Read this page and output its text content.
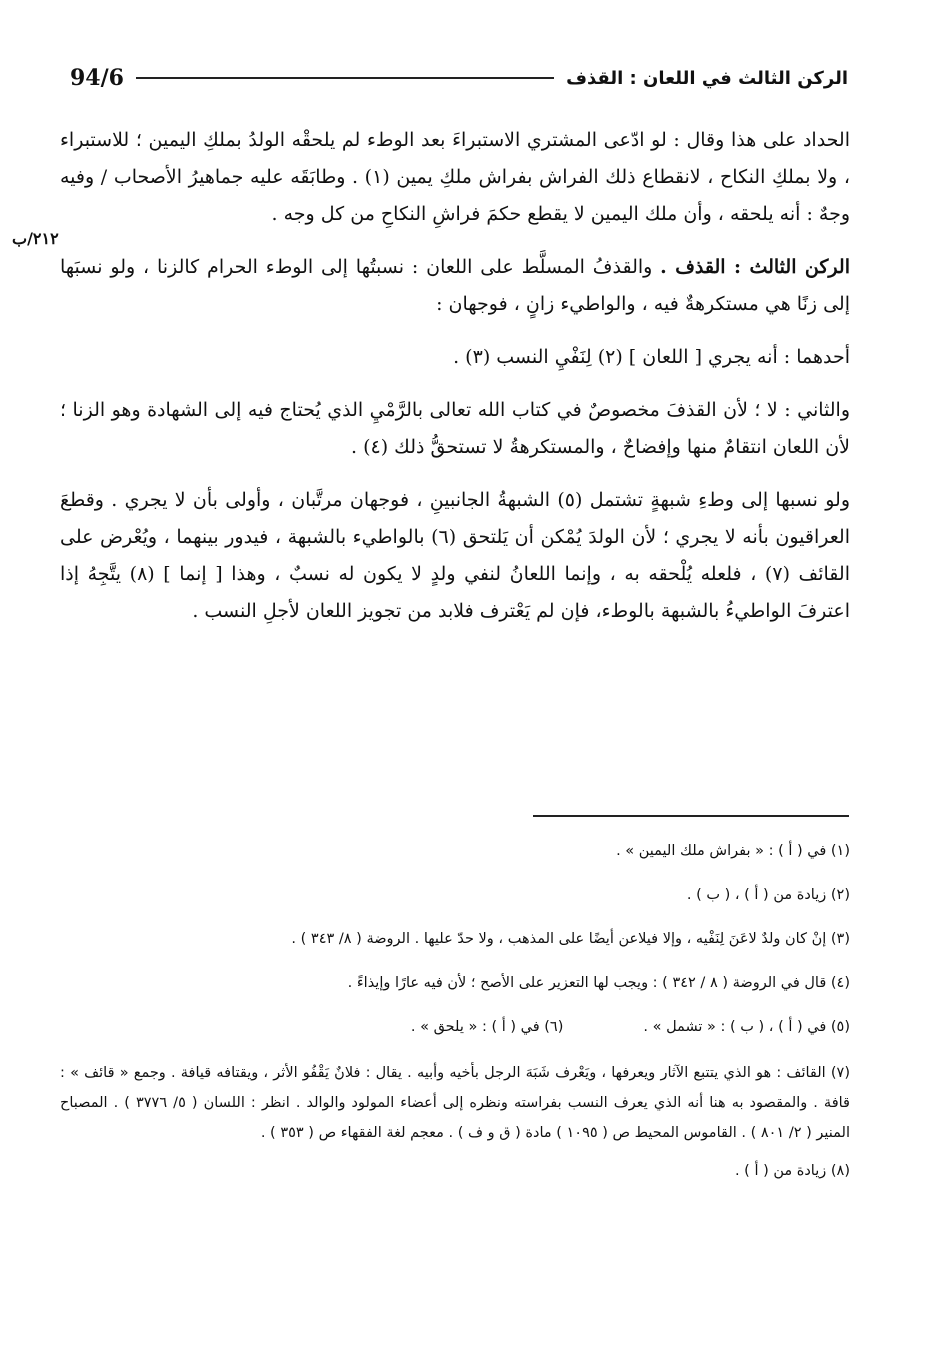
الركن الثالث في اللعان : القذف
94/6
٢١٢/ب

الحداد على هذا وقال : لو ادّعى المشتري الاستبراءَ بعد الوطء لم يلحقْه الولدُ بملكِ اليمين ؛ للاستبراء ، ولا بملكِ النكاح ، لانقطاع ذلك الفراش بفراش ملكِ يمين (١) . وطابَقَه عليه جماهيرُ الأصحاب / وفيه وجهٌ : أنه يلحقه ، وأن ملك اليمين لا يقطع حكمَ فراشِ النكاحِ من كل وجه .

الركن الثالث : القذف . والقذفُ المسلَّط على اللعان : نسبتُها إلى الوطء الحرام كالزنا ، ولو نسبَها إلى زنًا هي مستكرهةٌ فيه ، والواطيء زانٍ ، فوجهان :

أحدهما : أنه يجري [ اللعان ] (٢) لِنَفْيِ النسب (٣) .

والثاني : لا ؛ لأن القذفَ مخصوصٌ في كتاب الله تعالى بالرَّمْيِ الذي يُحتاج فيه إلى الشهادة وهو الزنا ؛ لأن اللعان انتقامٌ منها وإفضاحٌ ، والمستكرهةُ لا تستحقُّ ذلك (٤) .

ولو نسبها إلى وطءِ شبهةٍ تشتمل (٥) الشبهةُ الجانبينِ ، فوجهان مرتَّبان ، وأولى بأن لا يجري . وقطعَ العراقيون بأنه لا يجري ؛ لأن الولدَ يُمْكن أن يَلتحق (٦) بالواطيء بالشبهة ، فيدور بينهما ، ويُعْرض على القائف (٧) ، فلعله يُلْحقه به ، وإنما اللعانُ لنفي ولدٍ لا يكون له نسبٌ ، وهذا [ إنما ] (٨) يتَّجِهُ إذا اعترفَ الواطيءُ بالشبهة بالوطء، فإن لم يَعْترف فلابد من تجويز اللعان لأجلِ النسب .

(١) في ( أ ) : « بفراش ملك اليمين » .

(٢) زيادة من ( أ ) ، ( ب ) .

(٣) إنْ كان ولدٌ لاعَنَ لِنَفْيه ، وإلا فيلاعن أيضًا على المذهب ، ولا حدّ عليها . الروضة ( ٨/ ٣٤٣ ) .

(٤) قال في الروضة ( ٨ / ٣٤٢ ) : ويجب لها التعزير على الأصح ؛ لأن فيه عارًا وإيذاءً .

(٥) في ( أ ) ، ( ب ) : « تشمل » .
(٦) في ( أ ) : « يلحق » .

(٧) القائف : هو الذي يتتبع الآثار ويعرفها ، ويَعْرف شَبَهَ الرجل بأخيه وأبيه . يقال : فلانٌ يَقْفُو الأثر ، ويقتافه قيافة . وجمع « قائف » : قافة . والمقصود به هنا أنه الذي يعرف النسب بفراسته ونظره إلى أعضاء المولود والوالد . انظر : اللسان ( ٥/ ٣٧٧٦ ) . المصباح المنير ( ٢/ ٨٠١ ) . القاموس المحيط ص ( ١٠٩٥ ) مادة ( ق و ف ) . معجم لغة الفقهاء ص ( ٣٥٣ ) .

(٨) زيادة من ( أ ) .
